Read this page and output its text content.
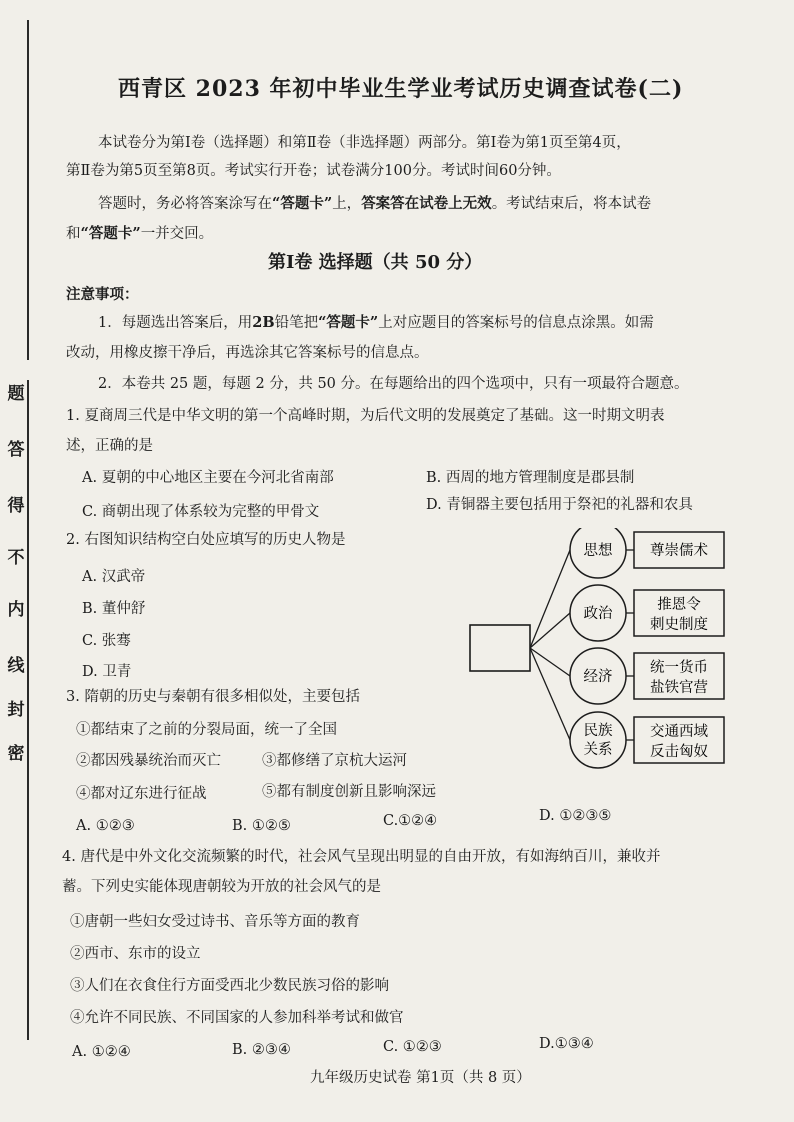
题
答
得
不
内
线
封
密
西青区 2023 年初中毕业生学业考试历史调查试卷(二)
本试卷分为第Ⅰ卷（选择题）和第Ⅱ卷（非选择题）两部分。第Ⅰ卷为第1页至第4页，
第Ⅱ卷为第5页至第8页。考试实行开卷；试卷满分100分。考试时间60分钟。
答题时，务必将答案涂写在“答题卡”上，答案答在试卷上无效。考试结束后，将本试卷
和“答题卡”一并交回。
第Ⅰ卷 选择题（共 50 分）
注意事项：
1．每题选出答案后，用2B铅笔把“答题卡”上对应题目的答案标号的信息点涂黑。如需
改动，用橡皮擦干净后，再选涂其它答案标号的信息点。
2．本卷共 25 题，每题 2 分，共 50 分。在每题给出的四个选项中，只有一项最符合题意。
1. 夏商周三代是中华文明的第一个高峰时期，为后代文明的发展奠定了基础。这一时期文明表
述，正确的是
A. 夏朝的中心地区主要在今河北省南部	B. 西周的地方管理制度是郡县制
C. 商朝出现了体系较为完整的甲骨文	D. 青铜器主要包括用于祭祀的礼器和农具
2. 右图知识结构空白处应填写的历史人物是
A. 汉武帝
B. 董仲舒
C. 张骞
D. 卫青
思想
政治
经济
民族
关系
尊崇儒术
推恩令
刺史制度
统一货币
盐铁官营
交通西域
反击匈奴
3. 隋朝的历史与秦朝有很多相似处，主要包括
①都结束了之前的分裂局面，统一了全国
②都因残暴统治而灭亡	③都修缮了京杭大运河
④都对辽东进行征战	⑤都有制度创新且影响深远
A. ①②③	B. ①②⑤	C.①②④	D. ①②③⑤
4. 唐代是中外文化交流频繁的时代，社会风气呈现出明显的自由开放，有如海纳百川，兼收并
蓄。下列史实能体现唐朝较为开放的社会风气的是
①唐朝一些妇女受过诗书、音乐等方面的教育
②西市、东市的设立
③人们在衣食住行方面受西北少数民族习俗的影响
④允许不同民族、不同国家的人参加科举考试和做官
A. ①②④	B. ②③④	C. ①②③	D.①③④
九年级历史试卷 第1页（共 8 页）
